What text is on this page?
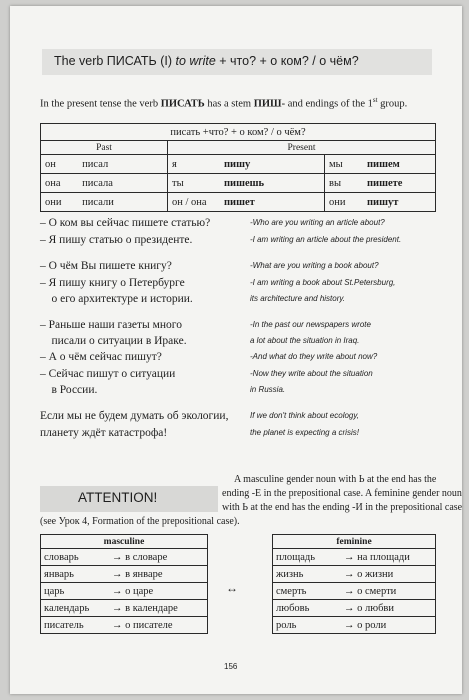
The verb ПИСАТЬ (I) to write + что? + о ком? / о чём?
In the present tense the verb ПИСАТЬ has a stem ПИШ- and endings of the 1st group.
писать +что? + о ком? / о чём?					
Past		Present			
он	писал	я	пишу	мы	пишем
она	писала	ты	пишешь	вы	пишете
они	писали	он / она	пишет	они	пишут
– О ком вы сейчас пишете статью?	-Who are you writing an article about?
– Я пишу статью о президенте.	-I am writing an article about the president.
– О чём Вы пишете книгу?	-What are you writing a book about?
– Я пишу книгу о Петербурге	-I am writing a book about St.Petersburg,
о его архитектуре и истории.	its architecture and history.
– Раньше наши газеты много	-In the past our newspapers wrote
писали о ситуации в Ираке.	a lot about the situation in Iraq.
– А о чём сейчас пишут?	-And what do they write about now?
– Сейчас пишут о ситуации	-Now they write about the situation
в России.	in Russia.
Если мы не будем думать об экологии,	If we don't think about ecology,
планету ждёт катастрофа!	the planet is expecting a crisis!
ATTENTION!
A masculine gender noun with Ь at the end has the
ending -Е in the prepositional case. A feminine gender noun
with Ь at the end has the ending -И in the prepositional case
(see Урок 4, Formation of the prepositional case).
masculine	
словарь	→ в словаре
январь	→ в январе
царь	→ о царе
календарь	→ в календаре
писатель	→ о писателе
↔
feminine	
площадь	→ на площади
жизнь	→ о жизни
смерть	→ о смерти
любовь	→ о любви
роль	→ о роли
156
